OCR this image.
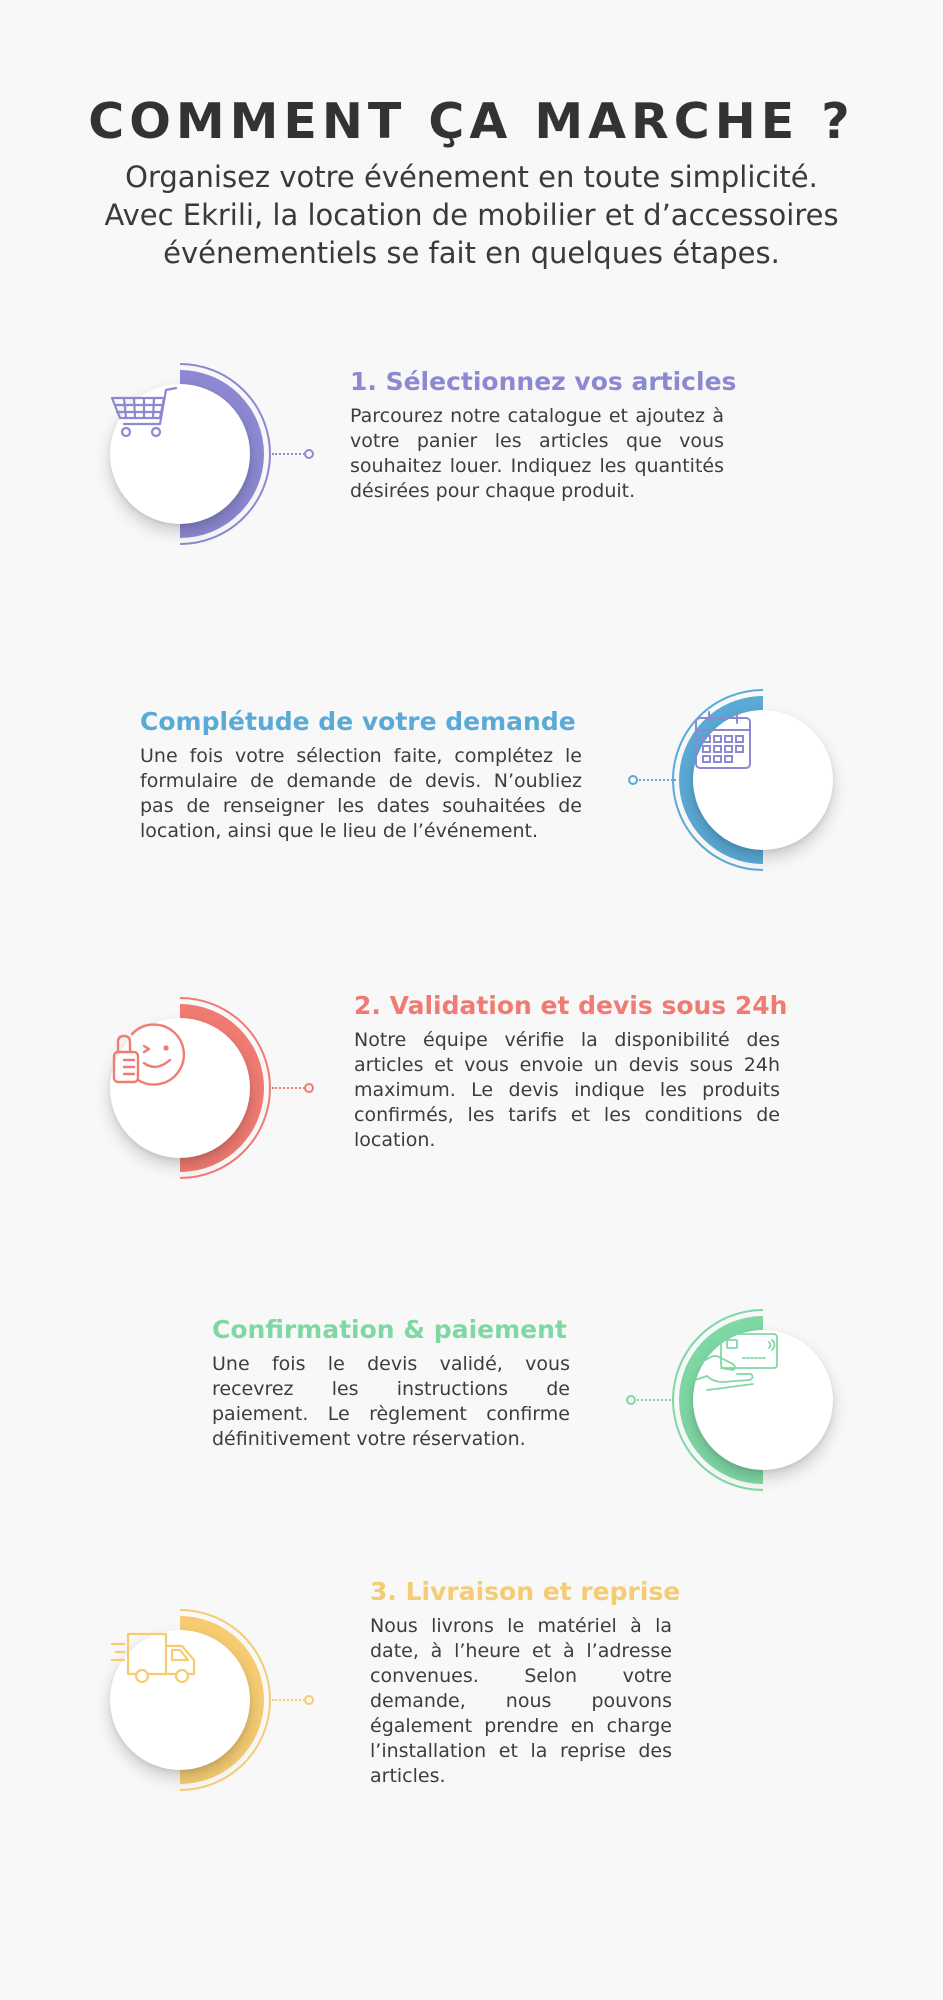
COMMENT ÇA MARCHE ?
Organisez votre événement en toute simplicité.
Avec Ekrili, la location de mobilier et d’accessoires
événementiels se fait en quelques étapes.
1. Sélectionnez vos articles
Parcourez notre catalogue et ajoutez à votre panier les articles que vous souhaitez louer. Indiquez les quantités désirées pour chaque produit.
Complétude de votre demande
Une fois votre sélection faite, complétez le formulaire de demande de devis. N’oubliez pas de renseigner les dates souhaitées de location, ainsi que le lieu de l’événement.
2. Validation et devis sous 24h
Notre équipe vérifie la disponibilité des articles et vous envoie un devis sous 24h maximum. Le devis indique les produits confirmés, les tarifs et les conditions de location.
Confirmation & paiement
Une fois le devis validé, vous recevrez les instructions de paiement. Le règlement confirme définitivement votre réservation.
3. Livraison et reprise
Nous livrons le matériel à la date, à l’heure et à l’adresse convenues. Selon votre demande, nous pouvons également prendre en charge l’installation et la reprise des articles.
